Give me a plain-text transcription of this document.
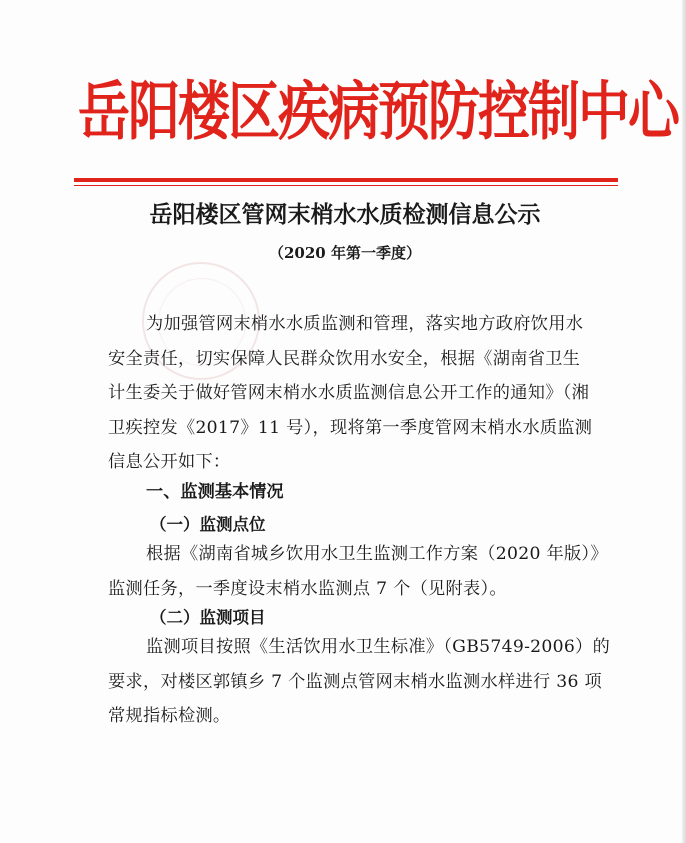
岳阳楼区疾病预防控制中心
岳阳楼区管网末梢水水质检测信息公示
（2020 年第一季度）
为加强管网末梢水水质监测和管理，落实地方政府饮用水
安全责任，切实保障人民群众饮用水安全，根据《湖南省卫生
计生委关于做好管网末梢水水质监测信息公开工作的通知》（湘
卫疾控发《2017》11 号），现将第一季度管网末梢水水质监测
信息公开如下：
一、监测基本情况
（一）监测点位
根据《湖南省城乡饮用水卫生监测工作方案（2020 年版）》
监测任务，一季度设末梢水监测点 7 个（见附表）。
（二）监测项目
监测项目按照《生活饮用水卫生标准》（GB5749-2006）的
要求，对楼区郭镇乡 7 个监测点管网末梢水监测水样进行 36 项
常规指标检测。
